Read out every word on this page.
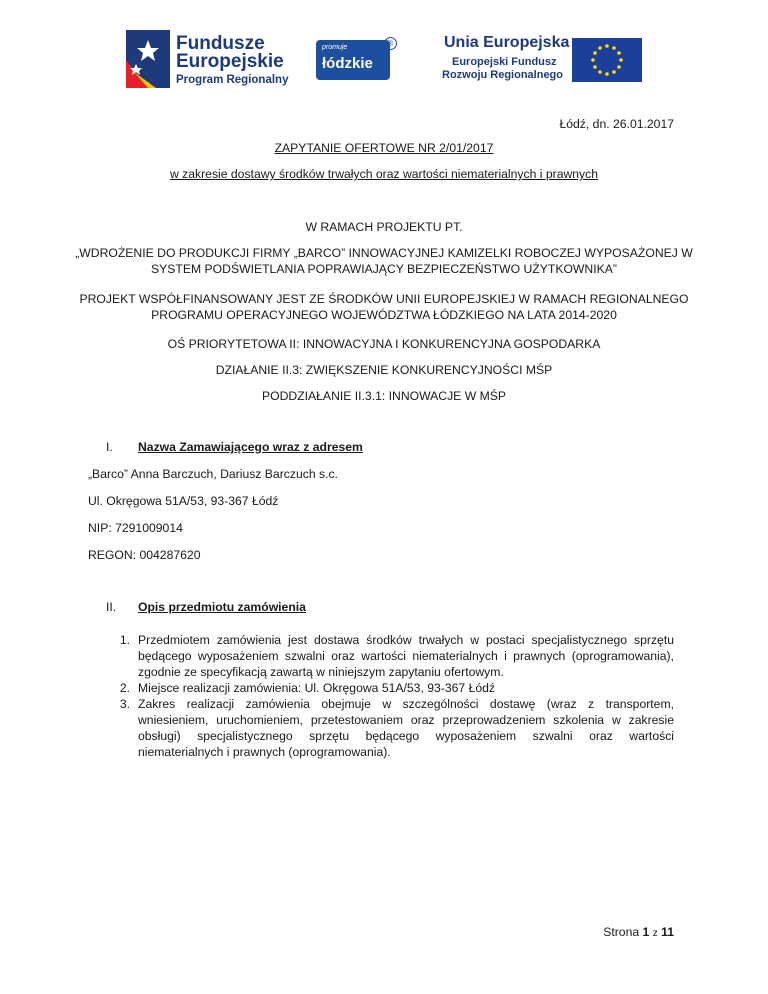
Fundusze
Europejskie
Program Regionalny
promuje
łódzkie
®	Unia Europejska
Europejski Fundusz
Rozwoju Regionalnego
Łódź, dn. 26.01.2017
ZAPYTANIE OFERTOWE NR 2/01/2017
w zakresie dostawy środków trwałych oraz wartości niematerialnych i prawnych
W RAMACH PROJEKTU PT.
„WDROŻENIE DO PRODUKCJI FIRMY „BARCO” INNOWACYJNEJ KAMIZELKI ROBOCZEJ WYPOSAŻONEJ W
SYSTEM PODŚWIETLANIA POPRAWIAJĄCY BEZPIECZEŃSTWO UŻYTKOWNIKA”
PROJEKT WSPÓŁFINANSOWANY JEST ZE ŚRODKÓW UNII EUROPEJSKIEJ W RAMACH REGIONALNEGO
PROGRAMU OPERACYJNEGO WOJEWÓDZTWA ŁÓDZKIEGO NA LATA 2014-2020
OŚ PRIORYTETOWA II: INNOWACYJNA I KONKURENCYJNA GOSPODARKA
DZIAŁANIE II.3: ZWIĘKSZENIE KONKURENCYJNOŚCI MŚP
PODDZIAŁANIE II.3.1: INNOWACJE W MŚP
I. Nazwa Zamawiającego wraz z adresem
„Barco” Anna Barczuch, Dariusz Barczuch s.c.
Ul. Okręgowa 51A/53, 93-367 Łódź
NIP: 7291009014
REGON: 004287620
II. Opis przedmiotu zamówienia
1. Przedmiotem zamówienia jest dostawa środków trwałych w postaci specjalistycznego sprzętu
będącego wyposażeniem szwalni oraz wartości niematerialnych i prawnych (oprogramowania),
zgodnie ze specyfikacją zawartą w niniejszym zapytaniu ofertowym.
2. Miejsce realizacji zamówienia: Ul. Okręgowa 51A/53, 93-367 Łódź
3. Zakres realizacji zamówienia obejmuje w szczególności dostawę (wraz z transportem,
wniesieniem, uruchomieniem, przetestowaniem oraz przeprowadzeniem szkolenia w zakresie
obsługi) specjalistycznego sprzętu będącego wyposażeniem szwalni oraz wartości
niematerialnych i prawnych (oprogramowania).
Strona 1 z 11
